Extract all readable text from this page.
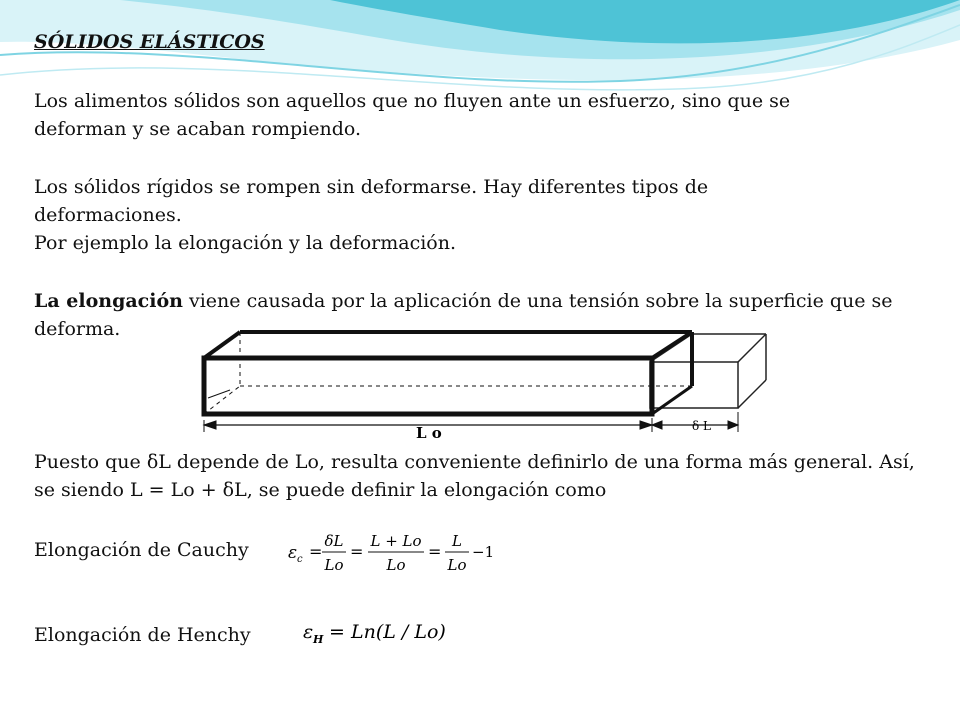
SÓLIDOS ELÁSTICOS

Los alimentos sólidos son aquellos que no fluyen ante un esfuerzo, sino que se deforman y se acaban rompiendo.

Los sólidos rígidos se rompen sin deformarse. Hay diferentes tipos de deformaciones.

Por ejemplo la elongación y la deformación.

La elongación viene causada por la aplicación de una tensión sobre la superficie que se deforma.

L o	δ L

Puesto que δL depende de Lo, resulta conveniente definirlo de una forma más general. Así, se siendo L = Lo + δL, se puede definir la elongación como

Elongación de Cauchy

Elongación de Henchy

ε c =
δL
Lo
=
L + Lo
Lo
=
L
Lo
−1
ε H = Ln(L / Lo)
